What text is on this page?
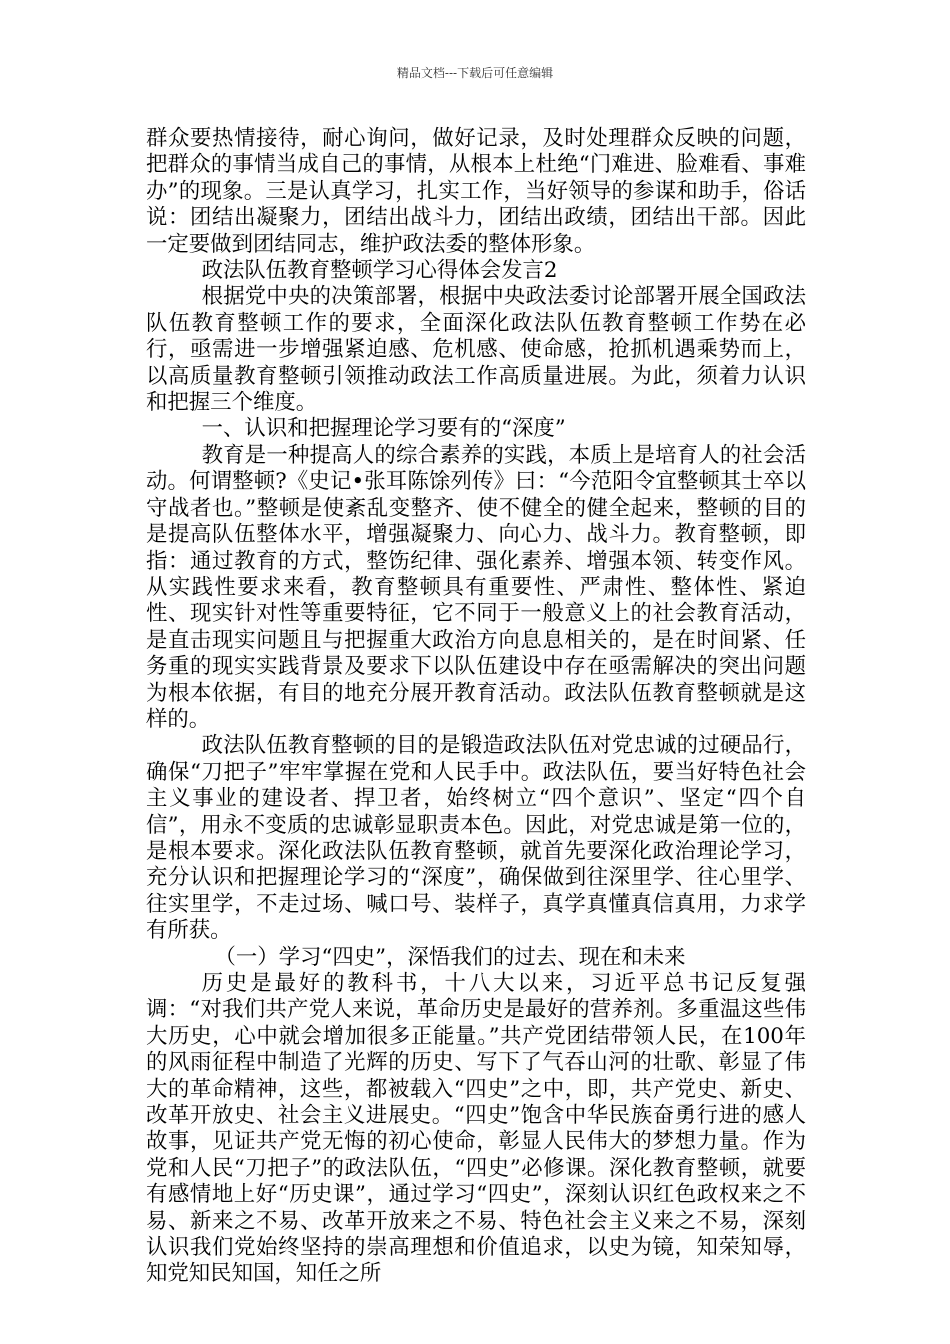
精品文档---下载后可任意编辑

群众要热情接待，耐心询问，做好记录，及时处理群众反映的问题，把群众的事情当成自己的事情，从根本上杜绝“门难进、脸难看、事难办”的现象。三是认真学习，扎实工作，当好领导的参谋和助手，俗话说：团结出凝聚力，团结出战斗力，团结出政绩，团结出干部。因此一定要做到团结同志，维护政法委的整体形象。

政法队伍教育整顿学习心得体会发言2

根据党中央的决策部署，根据中央政法委讨论部署开展全国政法队伍教育整顿工作的要求，全面深化政法队伍教育整顿工作势在必行，亟需进一步增强紧迫感、危机感、使命感，抢抓机遇乘势而上，以高质量教育整顿引领推动政法工作高质量进展。为此，须着力认识和把握三个维度。

一、认识和把握理论学习要有的“深度”

教育是一种提高人的综合素养的实践，本质上是培育人的社会活动。何谓整顿?《史记•张耳陈馀列传》曰：“今范阳令宜整顿其士卒以守战者也。”整顿是使紊乱变整齐、使不健全的健全起来，整顿的目的是提高队伍整体水平，增强凝聚力、向心力、战斗力。教育整顿，即指：通过教育的方式，整饬纪律、强化素养、增强本领、转变作风。从实践性要求来看，教育整顿具有重要性、严肃性、整体性、紧迫性、现实针对性等重要特征，它不同于一般意义上的社会教育活动，是直击现实问题且与把握重大政治方向息息相关的，是在时间紧、任务重的现实实践背景及要求下以队伍建设中存在亟需解决的突出问题为根本依据，有目的地充分展开教育活动。政法队伍教育整顿就是这样的。

政法队伍教育整顿的目的是锻造政法队伍对党忠诚的过硬品行，确保“刀把子”牢牢掌握在党和人民手中。政法队伍，要当好特色社会主义事业的建设者、捍卫者，始终树立“四个意识”、坚定“四个自信”，用永不变质的忠诚彰显职责本色。因此，对党忠诚是第一位的，是根本要求。深化政法队伍教育整顿，就首先要深化政治理论学习，充分认识和把握理论学习的“深度”，确保做到往深里学、往心里学、往实里学，不走过场、喊口号、装样子，真学真懂真信真用，力求学有所获。

（一）学习“四史”，深悟我们的过去、现在和未来

历史是最好的教科书，十八大以来，习近平总书记反复强调：“对我们共产党人来说，革命历史是最好的营养剂。多重温这些伟大历史，心中就会增加很多正能量。”共产党团结带领人民，在100年的风雨征程中制造了光辉的历史、写下了气吞山河的壮歌、彰显了伟大的革命精神，这些，都被载入“四史”之中，即，共产党史、新史、改革开放史、社会主义进展史。“四史”饱含中华民族奋勇行进的感人故事，见证共产党无悔的初心使命，彰显人民伟大的梦想力量。作为党和人民“刀把子”的政法队伍，“四史”必修课。深化教育整顿，就要有感情地上好“历史课”，通过学习“四史”，深刻认识红色政权来之不易、新来之不易、改革开放来之不易、特色社会主义来之不易，深刻认识我们党始终坚持的崇高理想和价值追求，以史为镜，知荣知辱，知党知民知国，知任之所
